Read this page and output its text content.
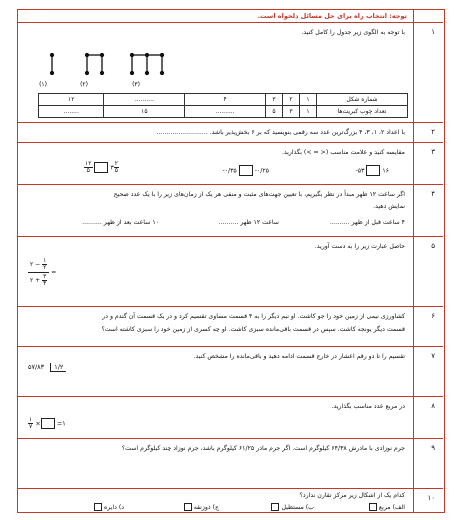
توجه: انتخاب راه برای حل مسائل دلخواه است.
۱
با توجه به الگوی زیر جدول را کامل کنید.
(۱)	(۲)	(۳)
شماره شکل	۱	۲	۳	۴	..........	۱۲
تعداد چوب کبریت‌ها	۱	۳	۵	..........	۱۵	........
۲
با اعداد ۲، ۱، ۳، ۴ بزرگ‌ترین عدد سه رقمی بنویسید که بر ۶ بخش‌پذیر باشد. ..........................
۳
مقایسه کنید و علامت مناسب (< = >) بگذارید.
-۵۳	۱۶
-۰/۳۵	-۰/۲۵
$\frac{۱۲}{۵}$	۳ $\frac{۲}{۵}$
۴
اگر ساعت ۱۲ ظهر مبدأ در نظر بگیریم، با تعیین جهت‌های مثبت و منفی هر یک از زمان‌های زیر را با یک عدد صحیح
نمایش دهید.
۴ ساعت قبل از ظهر ..........
ساعت ۱۲ ظهر ..........
۱۰ ساعت بعد از ظهر ..........
۵
حاصل عبارت زیر را به دست آورید.
۲ − $\frac{۱}{۲}$
۲ + $\frac{۳}{۴}$
=
۶
کشاورزی نیمی از زمین خود را جو کاشت. او نیم دیگر را به ۴ قسمت مساوی تقسیم کرد و در یک قسمت آن گندم و در
قسمت دیگر یونجه کاشت. سپس در قسمت باقی‌مانده سبزی کاشت. او چه کسری از زمین خود را سبزی کاشته است؟
۷
تقسیم را تا دو رقم اعشار در خارج قسمت ادامه دهید و باقی‌مانده را مشخص کنید.
۵۷/۸۳ ۱/۲
۸
در مربع عدد مناسب بگذارید.
$\frac{۱}{۷}$ × =۱
۹
جرم نوزادی با مادرش ۶۴/۳۸ کیلوگرم است. اگر جرم مادر ۶۱/۲۵ کیلوگرم باشد، جرم نوزاد چند کیلوگرم است؟
۱۰
کدام یک از اشکال زیر مرکز تقارن ندارد؟
الف) مربع
ب) مستطیل
ج) ذوزنقه
د) دایره
